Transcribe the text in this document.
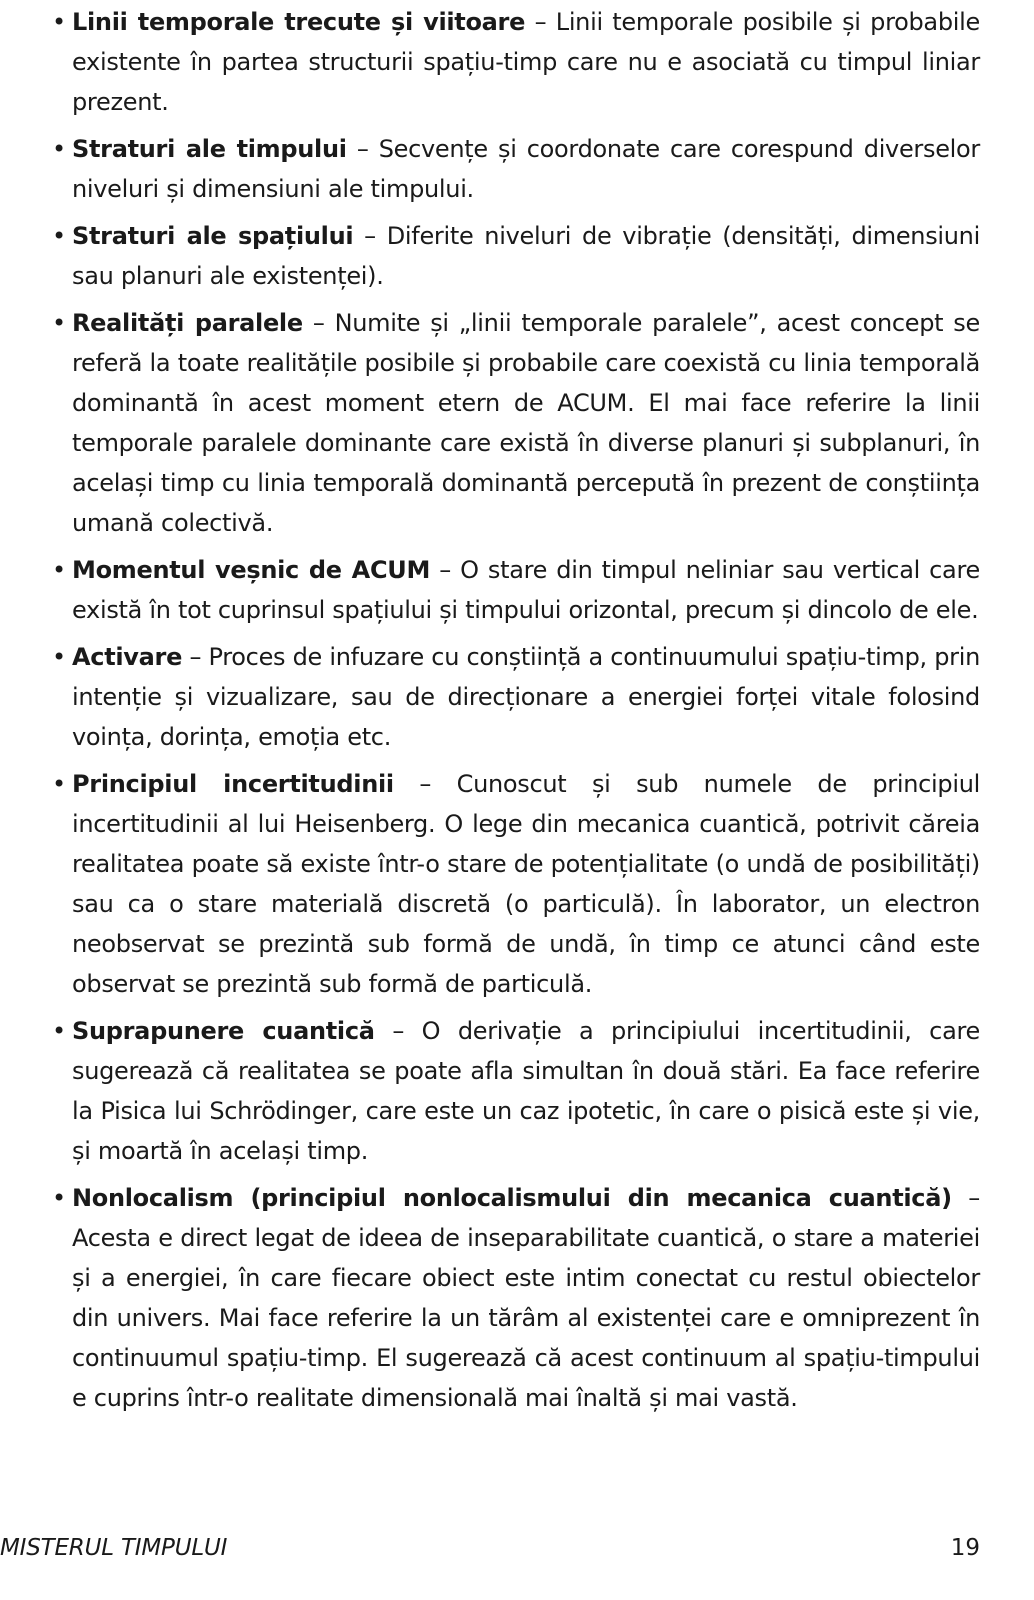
• Linii temporale trecute și viitoare – Linii temporale posibile și probabile existente în partea structurii spațiu-timp care nu e asociată cu timpul liniar prezent.
• Straturi ale timpului – Secvențe și coordonate care corespund diverselor niveluri și dimensiuni ale timpului.
• Straturi ale spațiului – Diferite niveluri de vibrație (densități, dimensiuni sau planuri ale existenței).
• Realități paralele – Numite și „linii temporale paralele”, acest concept se referă la toate realitățile posibile și probabile care coexistă cu linia temporală dominantă în acest moment etern de ACUM. El mai face referire la linii temporale paralele dominante care există în diverse planuri și subplanuri, în același timp cu linia temporală dominantă percepută în prezent de conștiința umană colectivă.
• Momentul veșnic de ACUM – O stare din timpul neliniar sau vertical care există în tot cuprinsul spațiului și timpului orizontal, precum și dincolo de ele.
• Activare – Proces de infuzare cu conștiință a continuumului spațiu-timp, prin intenție și vizualizare, sau de direcționare a energiei forței vitale folosind voința, dorința, emoția etc.
• Principiul incertitudinii – Cunoscut și sub numele de principiul incertitudinii al lui Heisenberg. O lege din mecanica cuantică, potrivit căreia realitatea poate să existe într-o stare de potențialitate (o undă de posibilități) sau ca o stare materială discretă (o particulă). În laborator, un electron neobservat se prezintă sub formă de undă, în timp ce atunci când este observat se prezintă sub formă de particulă.
• Suprapunere cuantică – O derivație a principiului incertitudinii, care sugerează că realitatea se poate afla simultan în două stări. Ea face referire la Pisica lui Schrödinger, care este un caz ipotetic, în care o pisică este și vie, și moartă în același timp.
• Nonlocalism (principiul nonlocalismului din mecanica cuantică) – Acesta e direct legat de ideea de inseparabilitate cuantică, o stare a materiei și a energiei, în care fiecare obiect este intim conectat cu restul obiectelor din univers. Mai face referire la un tărâm al existenței care e omniprezent în continuumul spațiu-timp. El sugerează că acest continuum al spațiu-timpului e cuprins într-o realitate dimensională mai înaltă și mai vastă.
MISTERUL TIMPULUI	19
